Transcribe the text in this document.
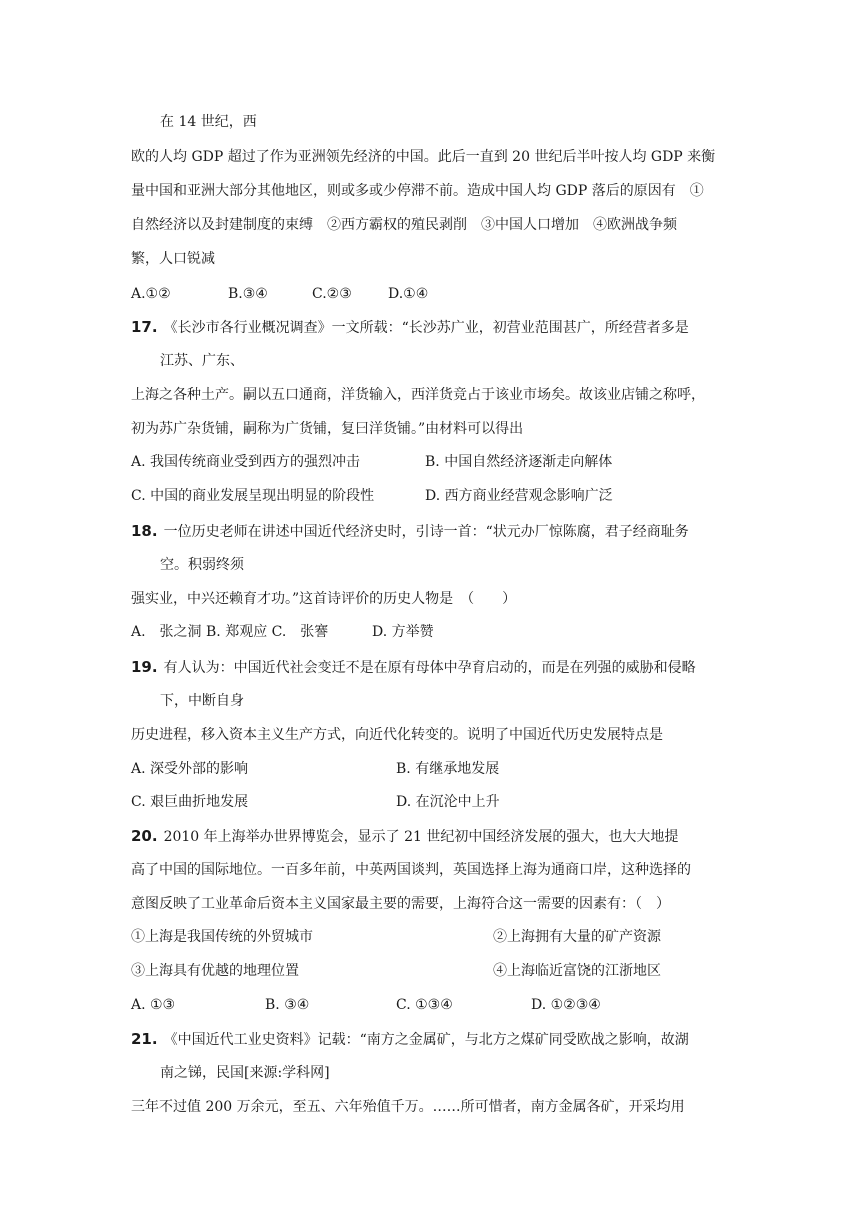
在 14 世纪，西
欧的人均 GDP 超过了作为亚洲领先经济的中国。此后一直到 20 世纪后半叶按人均 GDP 来衡
量中国和亚洲大部分其他地区，则或多或少停滞不前。造成中国人均 GDP 落后的原因有　①
自然经济以及封建制度的束缚　②西方霸权的殖民剥削　③中国人口增加　④欧洲战争频
繁，人口锐减
A.①②	B.③④	C.②③	D.①④
17. 《长沙市各行业概况调查》一文所载：“长沙苏广业，初营业范围甚广，所经营者多是
江苏、广东、
上海之各种土产。嗣以五口通商，洋货输入，西洋货竞占于该业市场矣。故该业店铺之称呼，
初为苏广杂货铺，嗣称为广货铺，复曰洋货铺。”由材料可以得出
A. 我国传统商业受到西方的强烈冲击	B. 中国自然经济逐渐走向解体
C. 中国的商业发展呈现出明显的阶段性	D. 西方商业经营观念影响广泛
18. 一位历史老师在讲述中国近代经济史时，引诗一首：“状元办厂惊陈腐，君子经商耻务
空。积弱终须
强实业，中兴还赖育才功。”这首诗评价的历史人物是　（　　）
A.　张之洞 B. 郑观应 C.　张謇	D. 方举赞
19. 有人认为：中国近代社会变迁不是在原有母体中孕育启动的，而是在列强的威胁和侵略
下，中断自身
历史进程，移入资本主义生产方式，向近代化转变的。说明了中国近代历史发展特点是
A. 深受外部的影响	B. 有继承地发展
C. 艰巨曲折地发展	D. 在沉沦中上升
20. 2010 年上海举办世界博览会，显示了 21 世纪初中国经济发展的强大，也大大地提
高了中国的国际地位。一百多年前，中英两国谈判，英国选择上海为通商口岸，这种选择的
意图反映了工业革命后资本主义国家最主要的需要，上海符合这一需要的因素有：（　）
①上海是我国传统的外贸城市	②上海拥有大量的矿产资源
③上海具有优越的地理位置	④上海临近富饶的江浙地区
A. ①③	B. ③④	C. ①③④	D. ①②③④
21. 《中国近代工业史资料》记载：“南方之金属矿，与北方之煤矿同受欧战之影响，故湖
南之锑，民国[来源:学科网]
三年不过值 200 万余元，至五、六年殆值千万。……所可惜者，南方金属各矿，开采均用
